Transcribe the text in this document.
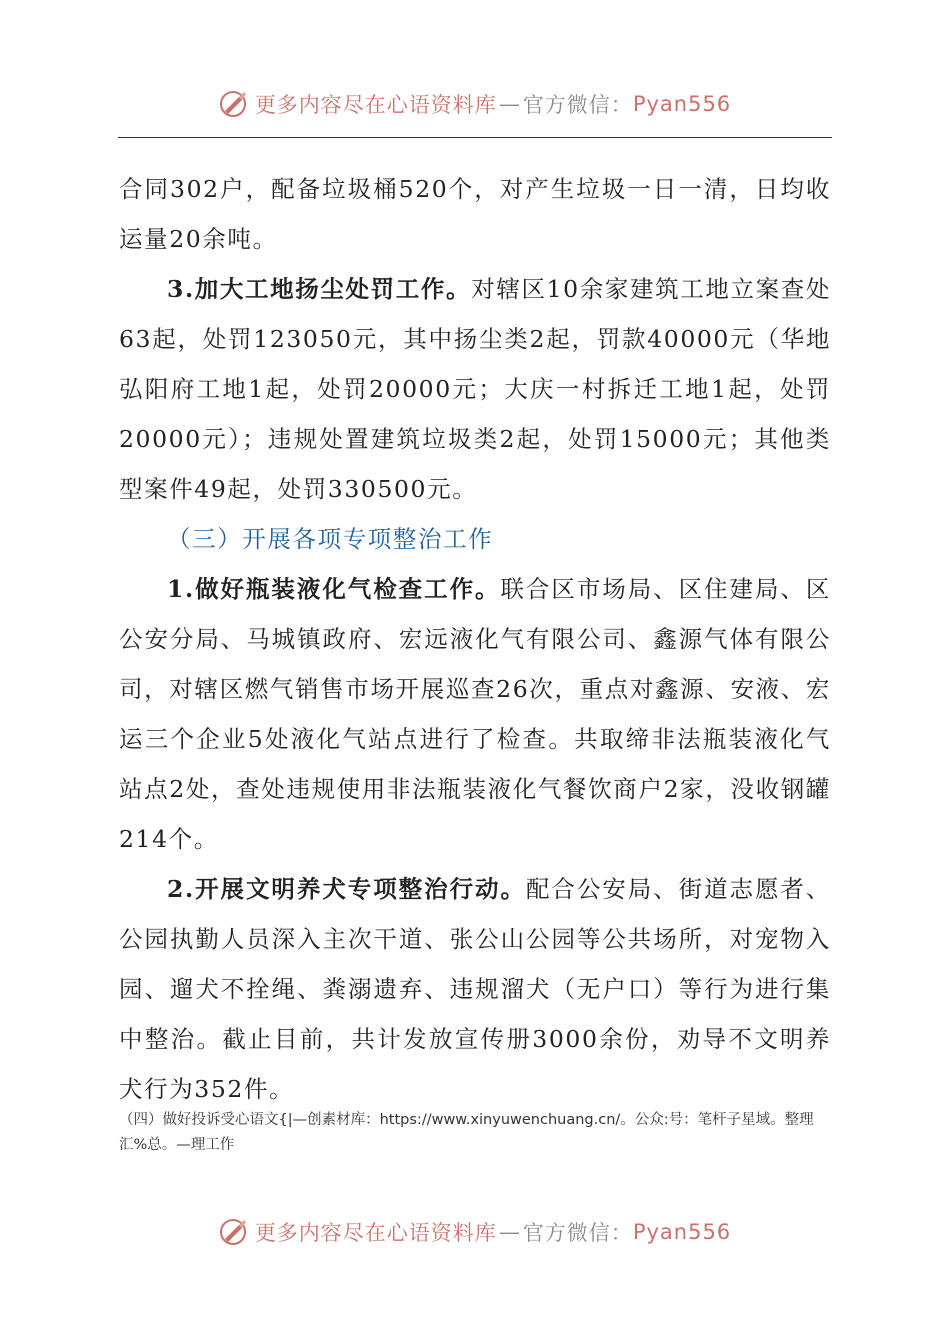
更多内容尽在心语资料库 — 官方微信： Pyan556

合同302户，配备垃圾桶520个，对产生垃圾一日一清，日均收运量20余吨。

3.加大工地扬尘处罚工作。对辖区10余家建筑工地立案查处63起，处罚123050元，其中扬尘类2起，罚款40000元（华地弘阳府工地1起，处罚20000元；大庆一村拆迁工地1起，处罚20000元）；违规处置建筑垃圾类2起，处罚15000元；其他类型案件49起，处罚330500元。

（三）开展各项专项整治工作

1.做好瓶装液化气检查工作。联合区市场局、区住建局、区公安分局、马城镇政府、宏远液化气有限公司、鑫源气体有限公司，对辖区燃气销售市场开展巡查26次，重点对鑫源、安液、宏运三个企业5处液化气站点进行了检查。共取缔非法瓶装液化气站点2处，查处违规使用非法瓶装液化气餐饮商户2家，没收钢罐214个。

2.开展文明养犬专项整治行动。配合公安局、街道志愿者、公园执勤人员深入主次干道、张公山公园等公共场所，对宠物入园、遛犬不拴绳、粪溺遗弃、违规溜犬（无户口）等行为进行集中整治。截止目前，共计发放宣传册3000余份，劝导不文明养犬行为352件。

（四）做好投诉受心语文{|—创素材库：https://www.xinyuwenchuang.cn/。公众:号：笔杆子星域。整理汇%总。—理工作
更多内容尽在心语资料库 — 官方微信： Pyan556
